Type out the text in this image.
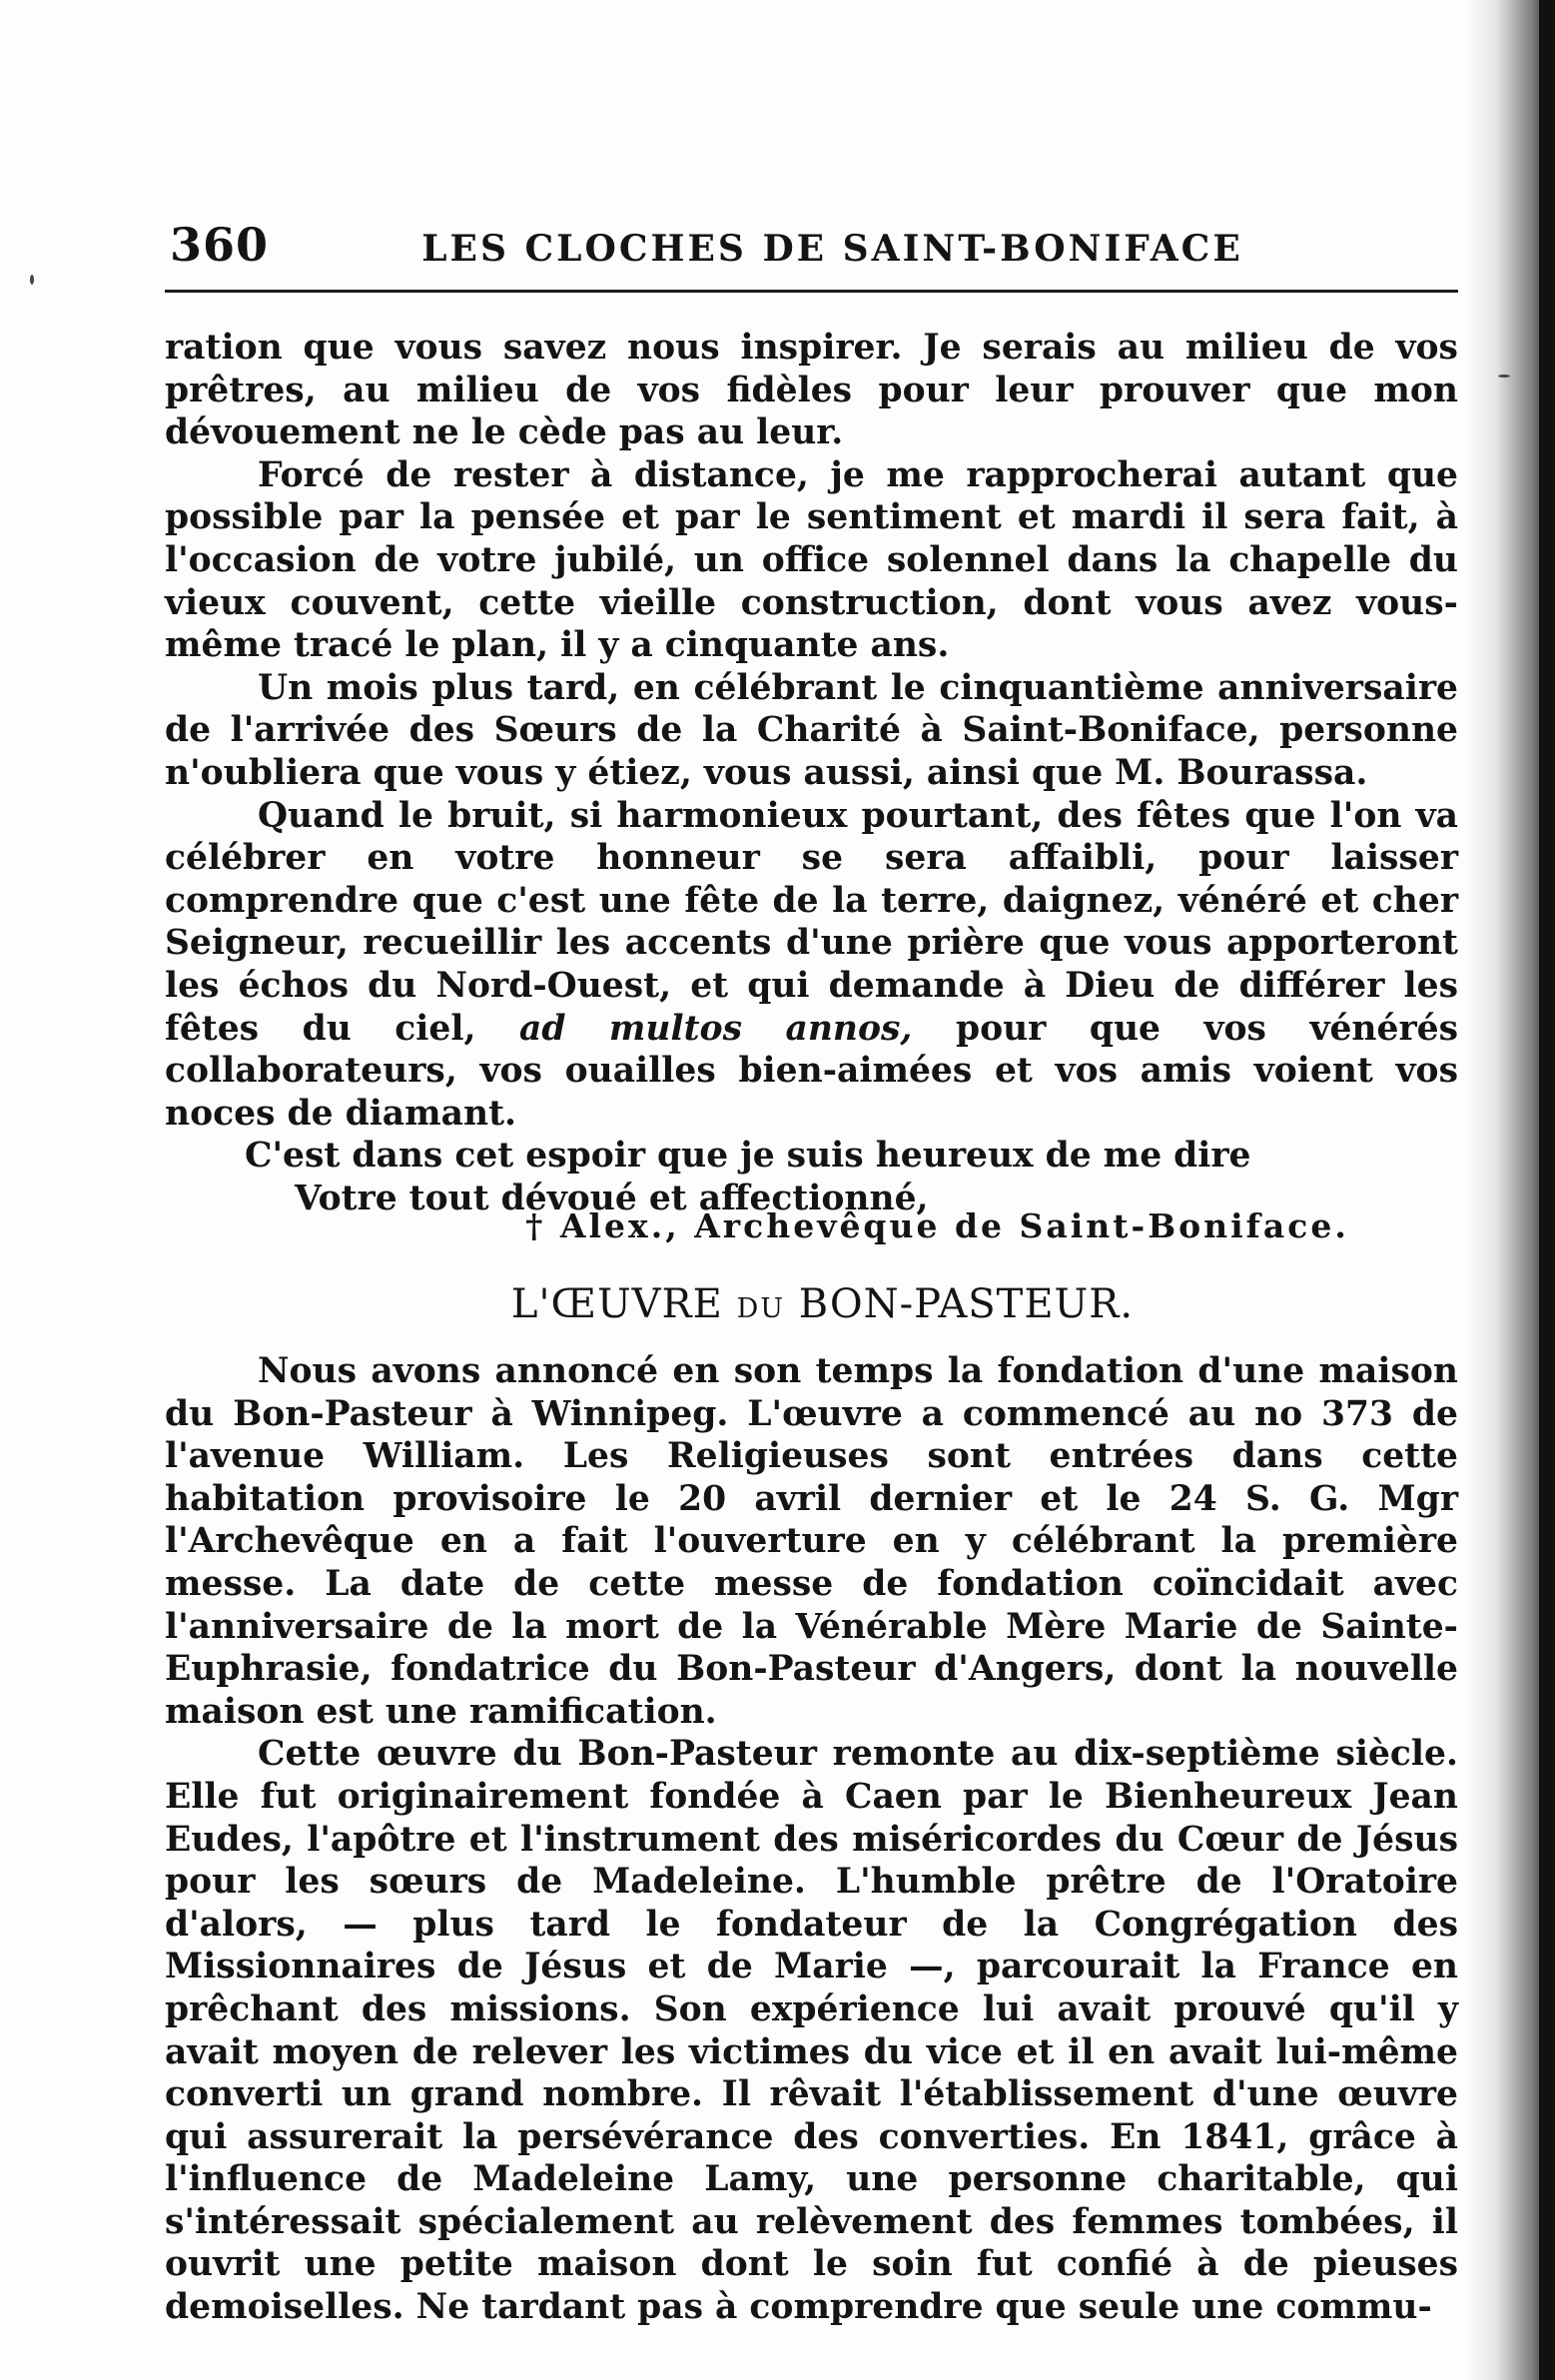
360	LES CLOCHES DE SAINT-BONIFACE

ration que vous savez nous inspirer. Je serais au milieu de vos prêtres, au milieu de vos fidèles pour leur prouver que mon dévouement ne le cède pas au leur.

Forcé de rester à distance, je me rapprocherai autant que possible par la pensée et par le sentiment et mardi il sera fait, à l'occasion de votre jubilé, un office solennel dans la chapelle du vieux couvent, cette vieille construction, dont vous avez vous-même tracé le plan, il y a cinquante ans.

Un mois plus tard, en célébrant le cinquantième anniversaire de l'arrivée des Sœurs de la Charité à Saint-Boniface, personne n'oubliera que vous y étiez, vous aussi, ainsi que M. Bourassa.

Quand le bruit, si harmonieux pourtant, des fêtes que l'on va célébrer en votre honneur se sera affaibli, pour laisser comprendre que c'est une fête de la terre, daignez, vénéré et cher Seigneur, recueillir les accents d'une prière que vous apporteront les échos du Nord-Ouest, et qui demande à Dieu de différer les fêtes du ciel, ad multos annos, pour que vos vénérés collaborateurs, vos ouailles bien-aimées et vos amis voient vos noces de diamant.

C'est dans cet espoir que je suis heureux de me dire

Votre tout dévoué et affectionné,

† Alex., Archevêque de Saint-Boniface.
L'ŒUVRE DU BON-PASTEUR.

Nous avons annoncé en son temps la fondation d'une maison du Bon-Pasteur à Winnipeg. L'œuvre a commencé au no 373 de l'avenue William. Les Religieuses sont entrées dans cette habitation provisoire le 20 avril dernier et le 24 S. G. Mgr l'Archevêque en a fait l'ouverture en y célébrant la première messe. La date de cette messe de fondation coïncidait avec l'anniversaire de la mort de la Vénérable Mère Marie de Sainte-Euphrasie, fondatrice du Bon-Pasteur d'Angers, dont la nouvelle maison est une ramification.

Cette œuvre du Bon-Pasteur remonte au dix-septième siècle. Elle fut originairement fondée à Caen par le Bienheureux Jean Eudes, l'apôtre et l'instrument des miséricordes du Cœur de Jésus pour les sœurs de Madeleine. L'humble prêtre de l'Oratoire d'alors, — plus tard le fondateur de la Congrégation des Missionnaires de Jésus et de Marie —, parcourait la France en prêchant des missions. Son expérience lui avait prouvé qu'il y avait moyen de relever les victimes du vice et il en avait lui-même converti un grand nombre. Il rêvait l'établissement d'une œuvre qui assurerait la persévérance des converties. En 1841, grâce à l'influence de Madeleine Lamy, une personne charitable, qui s'intéressait spécialement au relèvement des femmes tombées, il ouvrit une petite maison dont le soin fut confié à de pieuses demoiselles. Ne tardant pas à comprendre que seule une commu-
